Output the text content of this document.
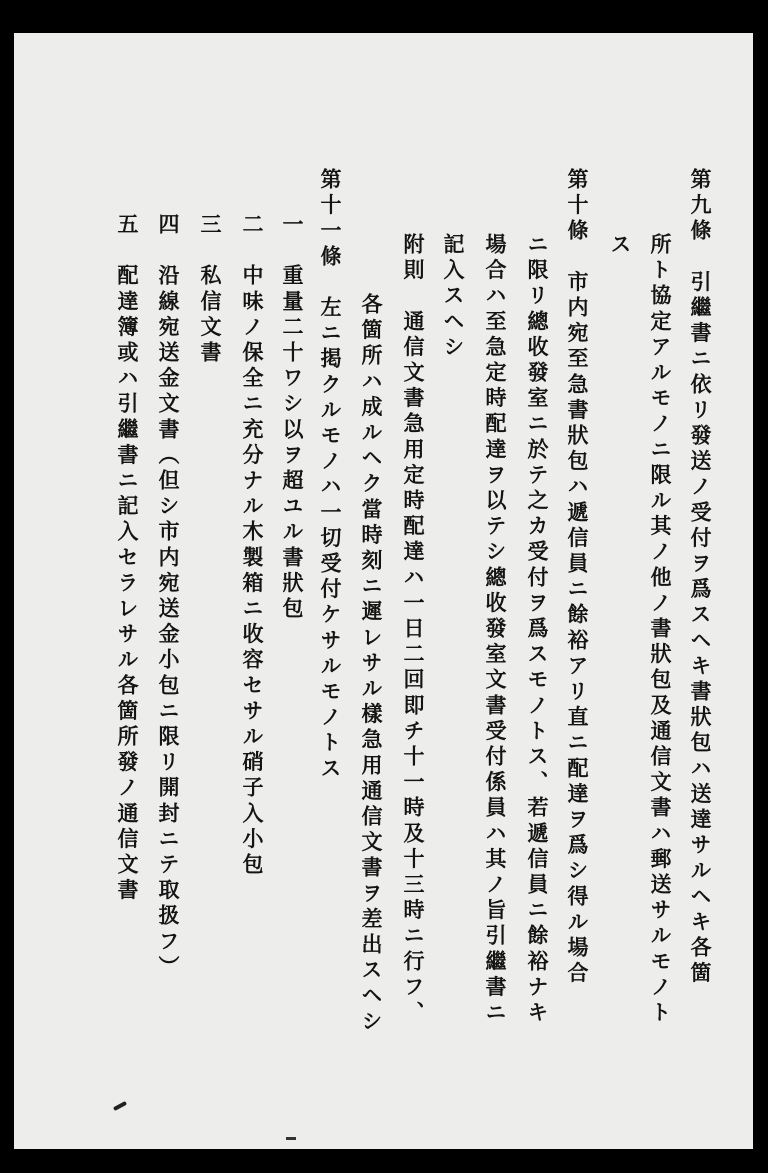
第九條　引繼書ニ依リ發送ノ受付ヲ爲スヘキ書狀包ハ送達サルヘキ各箇
所ト協定アルモノニ限ル其ノ他ノ書狀包及通信文書ハ郵送サルモノト
ス
第十條　市内宛至急書狀包ハ遞信員ニ餘裕アリ直ニ配達ヲ爲シ得ル場合
ニ限リ總收發室ニ於テ之カ受付ヲ爲スモノトス、若遞信員ニ餘裕ナキ
場合ハ至急定時配達ヲ以テシ總收發室文書受付係員ハ其ノ旨引繼書ニ
記入スヘシ
附則　通信文書急用定時配達ハ一日二回即チ十一時及十三時ニ行フ、
各箇所ハ成ルヘク當時刻ニ遲レサル樣急用通信文書ヲ差出スヘシ
第十一條　左ニ掲クルモノハ一切受付ケサルモノトス
一　重量二十ワシ以ヲ超ユル書狀包
二　中味ノ保全ニ充分ナル木製箱ニ收容セサル硝子入小包
三　私信文書
四　沿線宛送金文書（但シ市内宛送金小包ニ限リ開封ニテ取扱フ）
五　配達簿或ハ引繼書ニ記入セラレサル各箇所發ノ通信文書
